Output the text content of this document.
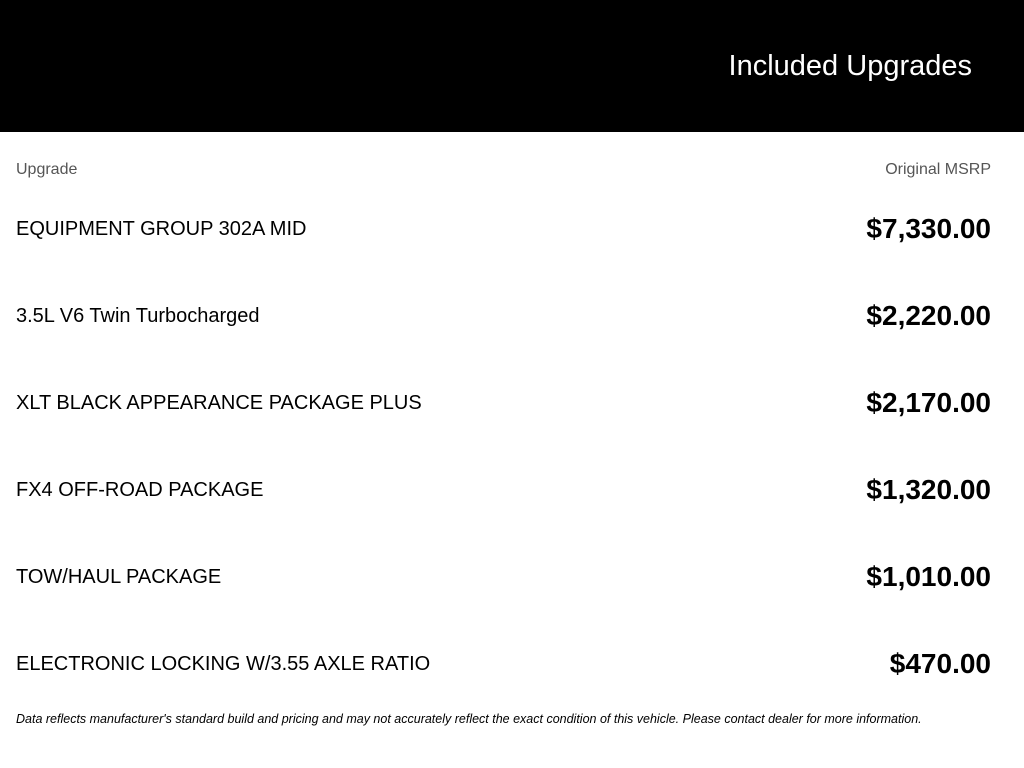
Included Upgrades
Upgrade	Original MSRP
EQUIPMENT GROUP 302A MID	$7,330.00
3.5L V6 Twin Turbocharged	$2,220.00
XLT BLACK APPEARANCE PACKAGE PLUS	$2,170.00
FX4 OFF-ROAD PACKAGE	$1,320.00
TOW/HAUL PACKAGE	$1,010.00
ELECTRONIC LOCKING W/3.55 AXLE RATIO	$470.00
Data reflects manufacturer's standard build and pricing and may not accurately reflect the exact condition of this vehicle. Please contact dealer for more information.
